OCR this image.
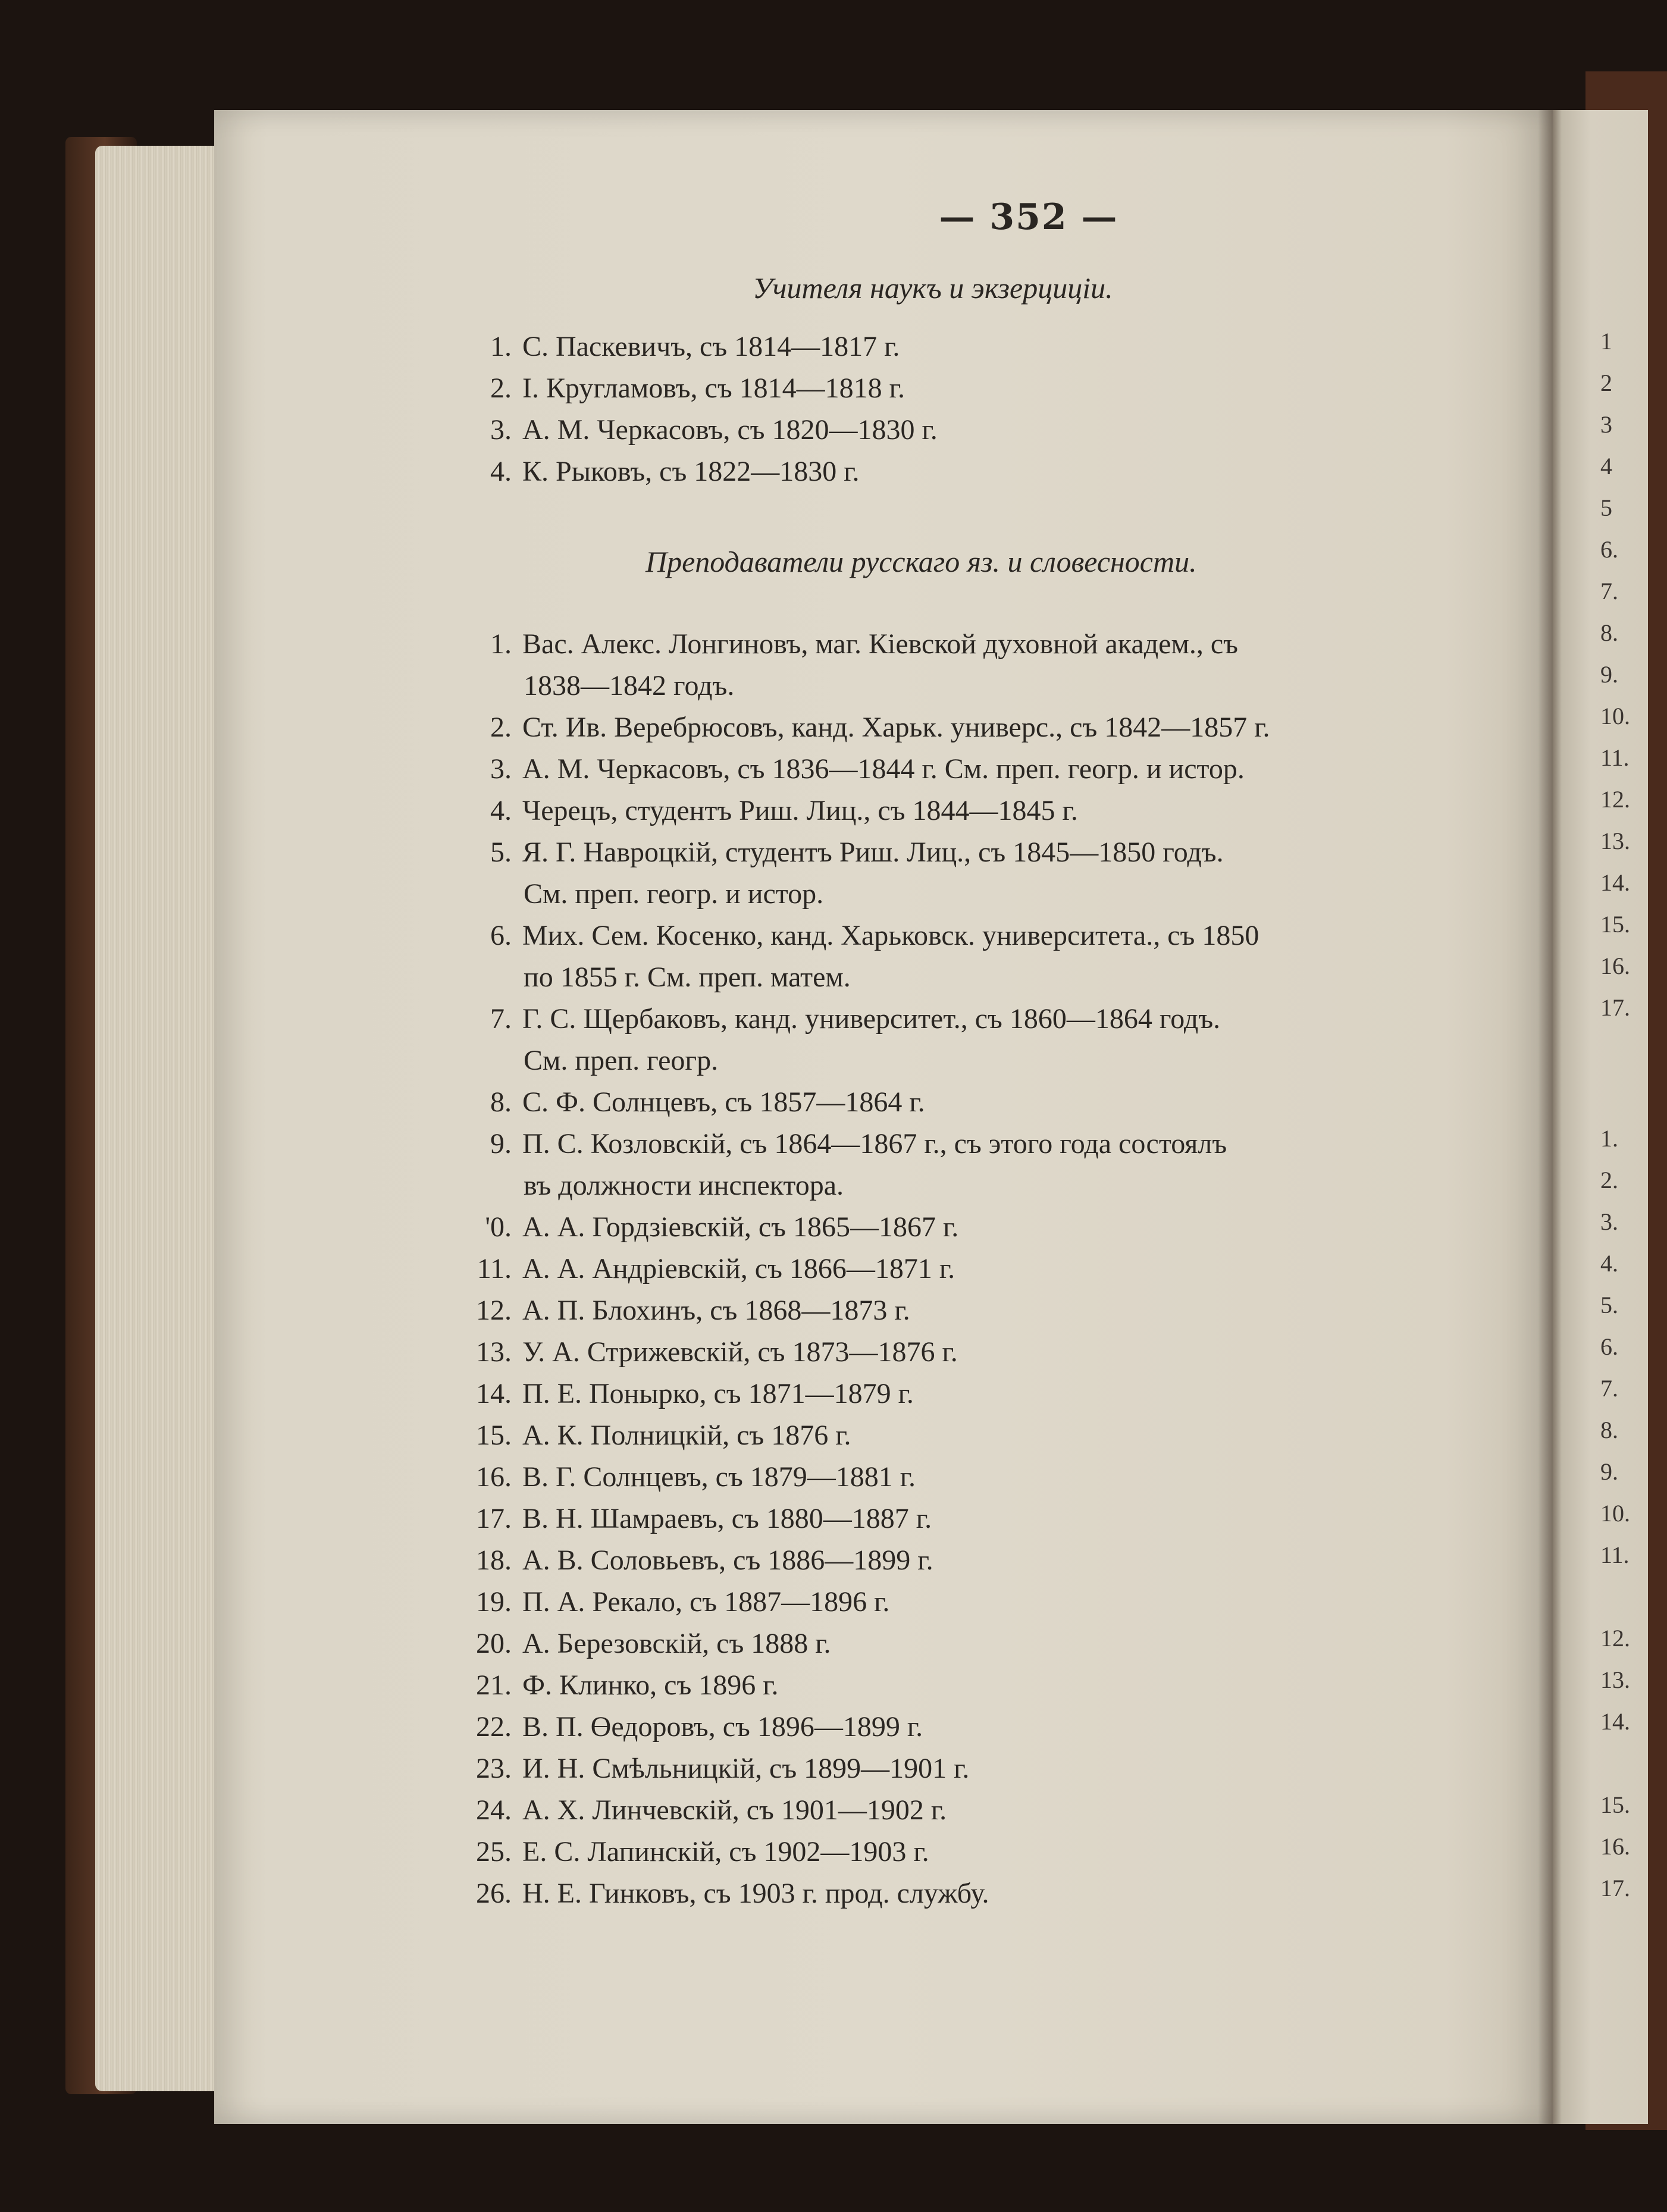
— 352 —
Учителя наукъ и экзерциціи.
1. С. Паскевичъ, съ 1814—1817 г.
2. І. Кругламовъ, съ 1814—1818 г.
3. А. М. Черкасовъ, съ 1820—1830 г.
4. К. Рыковъ, съ 1822—1830 г.
Преподаватели русскаго яз. и словесности.
1. Вас. Алекс. Лонгиновъ, маг. Кіевской духовной академ., съ
1838—1842 годъ.
2. Ст. Ив. Веребрюсовъ, канд. Харьк. универс., съ 1842—1857 г.
3. А. М. Черкасовъ, съ 1836—1844 г. См. преп. геогр. и истор.
4. Черецъ, студентъ Риш. Лиц., съ 1844—1845 г.
5. Я. Г. Навроцкій, студентъ Риш. Лиц., съ 1845—1850 годъ.
См. преп. геогр. и истор.
6. Мих. Сем. Косенко, канд. Харьковск. университета., съ 1850
по 1855 г. См. преп. матем.
7. Г. С. Щербаковъ, канд. университет., съ 1860—1864 годъ.
См. преп. геогр.
8. С. Ф. Солнцевъ, съ 1857—1864 г.
9. П. С. Козловскій, съ 1864—1867 г., съ этого года состоялъ
въ должности инспектора.
'0. А. А. Гордзіевскій, съ 1865—1867 г.
11. А. А. Андріевскій, съ 1866—1871 г.
12. А. П. Блохинъ, съ 1868—1873 г.
13. У. А. Стрижевскій, съ 1873—1876 г.
14. П. Е. Понырко, съ 1871—1879 г.
15. А. К. Полницкій, съ 1876 г.
16. В. Г. Солнцевъ, съ 1879—1881 г.
17. В. Н. Шамраевъ, съ 1880—1887 г.
18. А. В. Соловьевъ, съ 1886—1899 г.
19. П. А. Рекало, съ 1887—1896 г.
20. А. Березовскій, съ 1888 г.
21. Ф. Клинко, съ 1896 г.
22. В. П. Өедоровъ, съ 1896—1899 г.
23. И. Н. Смѣльницкій, съ 1899—1901 г.
24. А. Х. Линчевскій, съ 1901—1902 г.
25. Е. С. Лапинскій, съ 1902—1903 г.
26. Н. Е. Гинковъ, съ 1903 г. прод. службу.
1
2
3
4
5
6.
7.
8.
9.
10.
11.
12.
13.
14.
15.
16.
17.
1.
2.
3.
4.
5.
6.
7.
8.
9.
10.
11.
12.
13.
14.
15.
16.
17.
